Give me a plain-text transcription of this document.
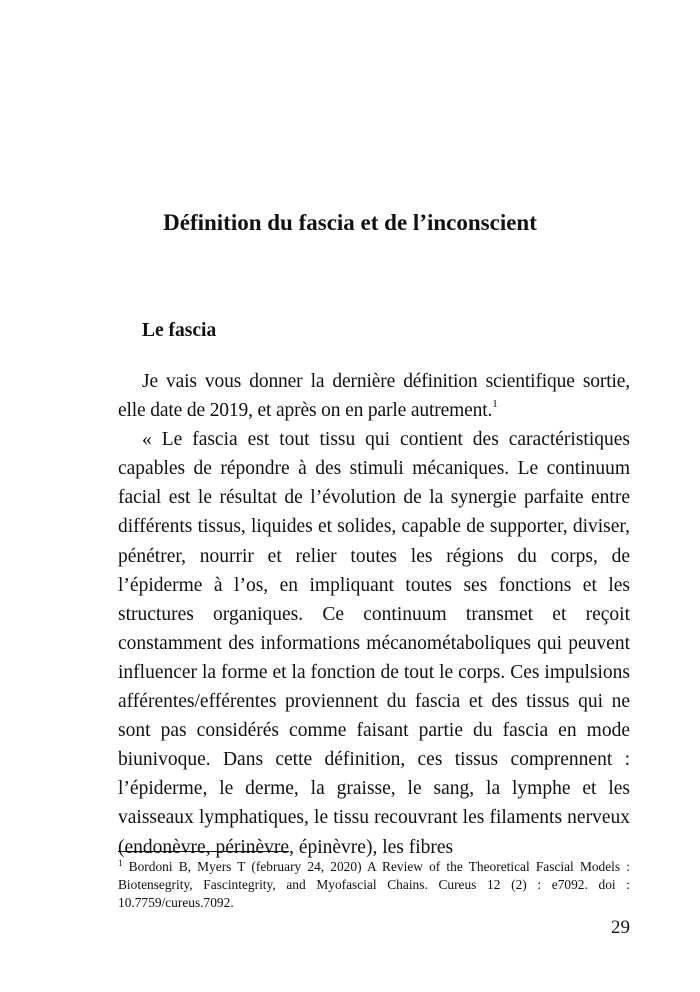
Définition du fascia et de l’inconscient
Le fascia

Je vais vous donner la dernière définition scientifique sortie, elle date de 2019, et après on en parle autrement.$^1$

« Le fascia est tout tissu qui contient des caractéristiques capables de répondre à des stimuli mécaniques. Le continuum facial est le résultat de l’évolution de la synergie parfaite entre différents tissus, liquides et solides, capable de supporter, diviser, pénétrer, nourrir et relier toutes les régions du corps, de l’épiderme à l’os, en impliquant toutes ses fonctions et les structures organiques. Ce continuum transmet et reçoit constamment des informations mécanométaboliques qui peuvent influencer la forme et la fonction de tout le corps. Ces impulsions afférentes/efférentes proviennent du fascia et des tissus qui ne sont pas considérés comme faisant partie du fascia en mode biunivoque. Dans cette définition, ces tissus comprennent : l’épiderme, le derme, la graisse, le sang, la lymphe et les vaisseaux lymphatiques, le tissu recouvrant les filaments nerveux (endonèvre, périnèvre, épinèvre), les fibres

$^1$ Bordoni B, Myers T (february 24, 2020) A Review of the Theoretical Fascial Models : Biotensegrity, Fascintegrity, and Myofascial Chains. Cureus 12 (2) : e7092. doi : 10.7759/cureus.7092.

29
